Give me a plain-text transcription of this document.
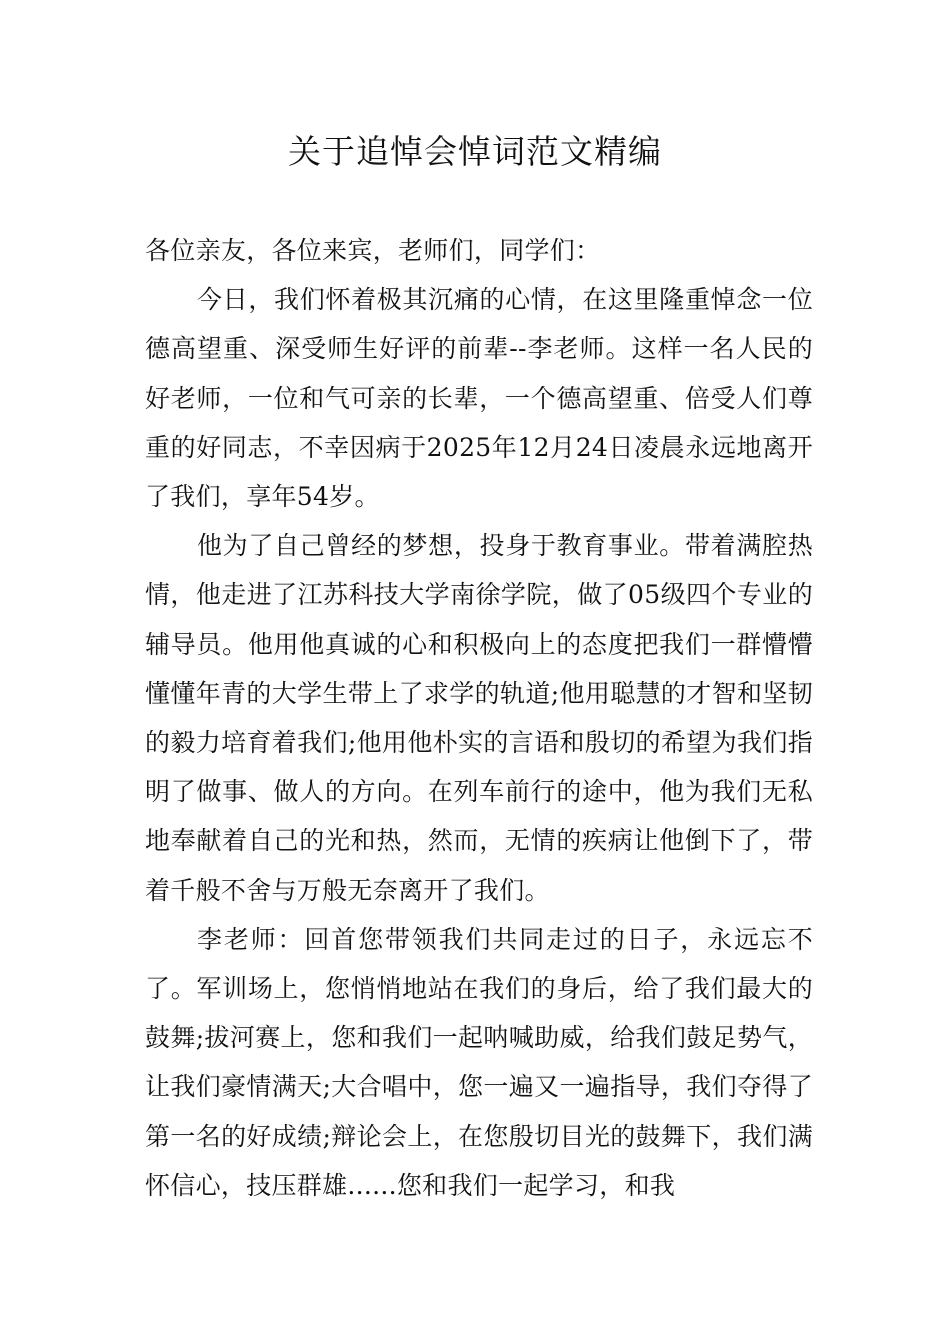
关于追悼会悼词范文精编

各位亲友，各位来宾，老师们，同学们：

今日，我们怀着极其沉痛的心情，在这里隆重悼念一位德高望重、深受师生好评的前辈--李老师。这样一名人民的好老师，一位和气可亲的长辈，一个德高望重、倍受人们尊重的好同志，不幸因病于2025年12月24日凌晨永远地离开了我们，享年54岁。

他为了自己曾经的梦想，投身于教育事业。带着满腔热情，他走进了江苏科技大学南徐学院，做了05级四个专业的辅导员。他用他真诚的心和积极向上的态度把我们一群懵懵懂懂年青的大学生带上了求学的轨道;他用聪慧的才智和坚韧的毅力培育着我们;他用他朴实的言语和殷切的希望为我们指明了做事、做人的方向。在列车前行的途中，他为我们无私地奉献着自己的光和热，然而，无情的疾病让他倒下了，带着千般不舍与万般无奈离开了我们。

李老师：回首您带领我们共同走过的日子，永远忘不了。军训场上，您悄悄地站在我们的身后，给了我们最大的鼓舞;拔河赛上，您和我们一起呐喊助威，给我们鼓足势气，让我们豪情满天;大合唱中，您一遍又一遍指导，我们夺得了第一名的好成绩;辩论会上，在您殷切目光的鼓舞下，我们满怀信心，技压群雄......您和我们一起学习，和我
